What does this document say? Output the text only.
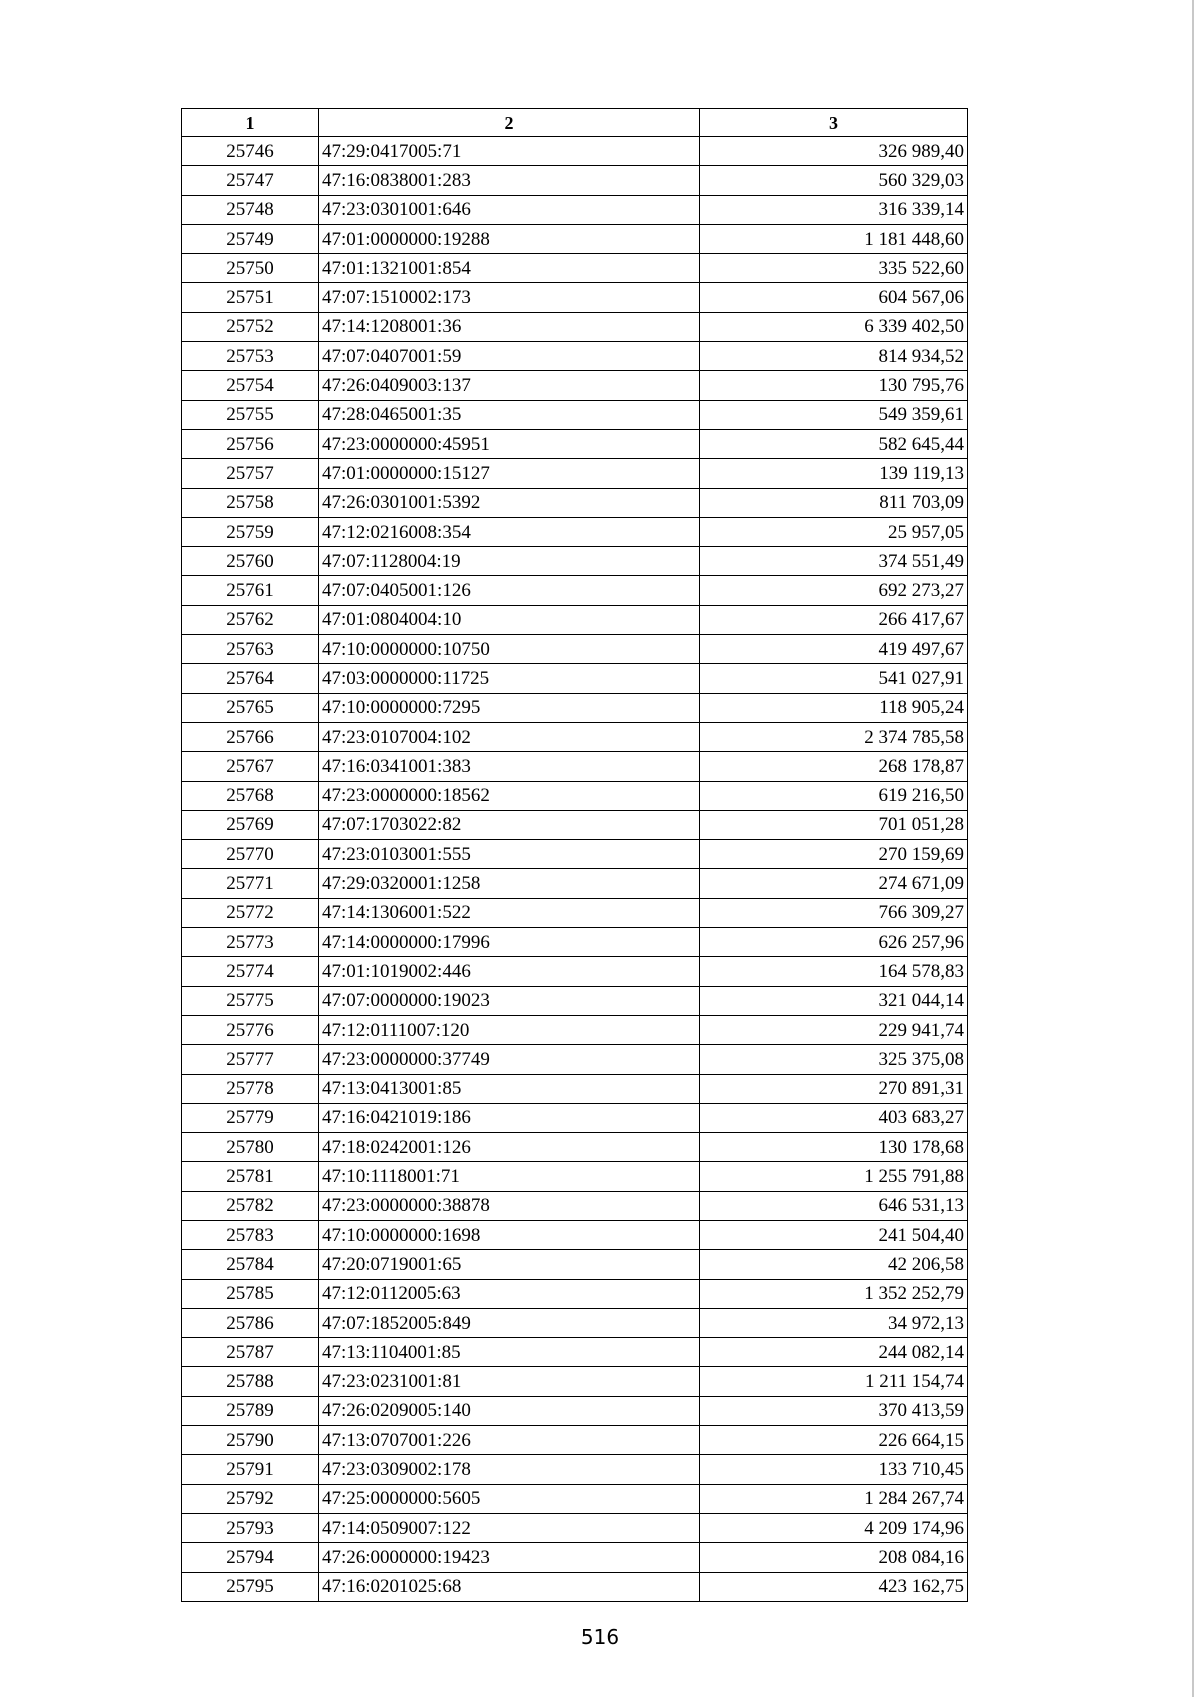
1	2	3
25746	47:29:0417005:71	326 989,40
25747	47:16:0838001:283	560 329,03
25748	47:23:0301001:646	316 339,14
25749	47:01:0000000:19288	1 181 448,60
25750	47:01:1321001:854	335 522,60
25751	47:07:1510002:173	604 567,06
25752	47:14:1208001:36	6 339 402,50
25753	47:07:0407001:59	814 934,52
25754	47:26:0409003:137	130 795,76
25755	47:28:0465001:35	549 359,61
25756	47:23:0000000:45951	582 645,44
25757	47:01:0000000:15127	139 119,13
25758	47:26:0301001:5392	811 703,09
25759	47:12:0216008:354	25 957,05
25760	47:07:1128004:19	374 551,49
25761	47:07:0405001:126	692 273,27
25762	47:01:0804004:10	266 417,67
25763	47:10:0000000:10750	419 497,67
25764	47:03:0000000:11725	541 027,91
25765	47:10:0000000:7295	118 905,24
25766	47:23:0107004:102	2 374 785,58
25767	47:16:0341001:383	268 178,87
25768	47:23:0000000:18562	619 216,50
25769	47:07:1703022:82	701 051,28
25770	47:23:0103001:555	270 159,69
25771	47:29:0320001:1258	274 671,09
25772	47:14:1306001:522	766 309,27
25773	47:14:0000000:17996	626 257,96
25774	47:01:1019002:446	164 578,83
25775	47:07:0000000:19023	321 044,14
25776	47:12:0111007:120	229 941,74
25777	47:23:0000000:37749	325 375,08
25778	47:13:0413001:85	270 891,31
25779	47:16:0421019:186	403 683,27
25780	47:18:0242001:126	130 178,68
25781	47:10:1118001:71	1 255 791,88
25782	47:23:0000000:38878	646 531,13
25783	47:10:0000000:1698	241 504,40
25784	47:20:0719001:65	42 206,58
25785	47:12:0112005:63	1 352 252,79
25786	47:07:1852005:849	34 972,13
25787	47:13:1104001:85	244 082,14
25788	47:23:0231001:81	1 211 154,74
25789	47:26:0209005:140	370 413,59
25790	47:13:0707001:226	226 664,15
25791	47:23:0309002:178	133 710,45
25792	47:25:0000000:5605	1 284 267,74
25793	47:14:0509007:122	4 209 174,96
25794	47:26:0000000:19423	208 084,16
25795	47:16:0201025:68	423 162,75
516
